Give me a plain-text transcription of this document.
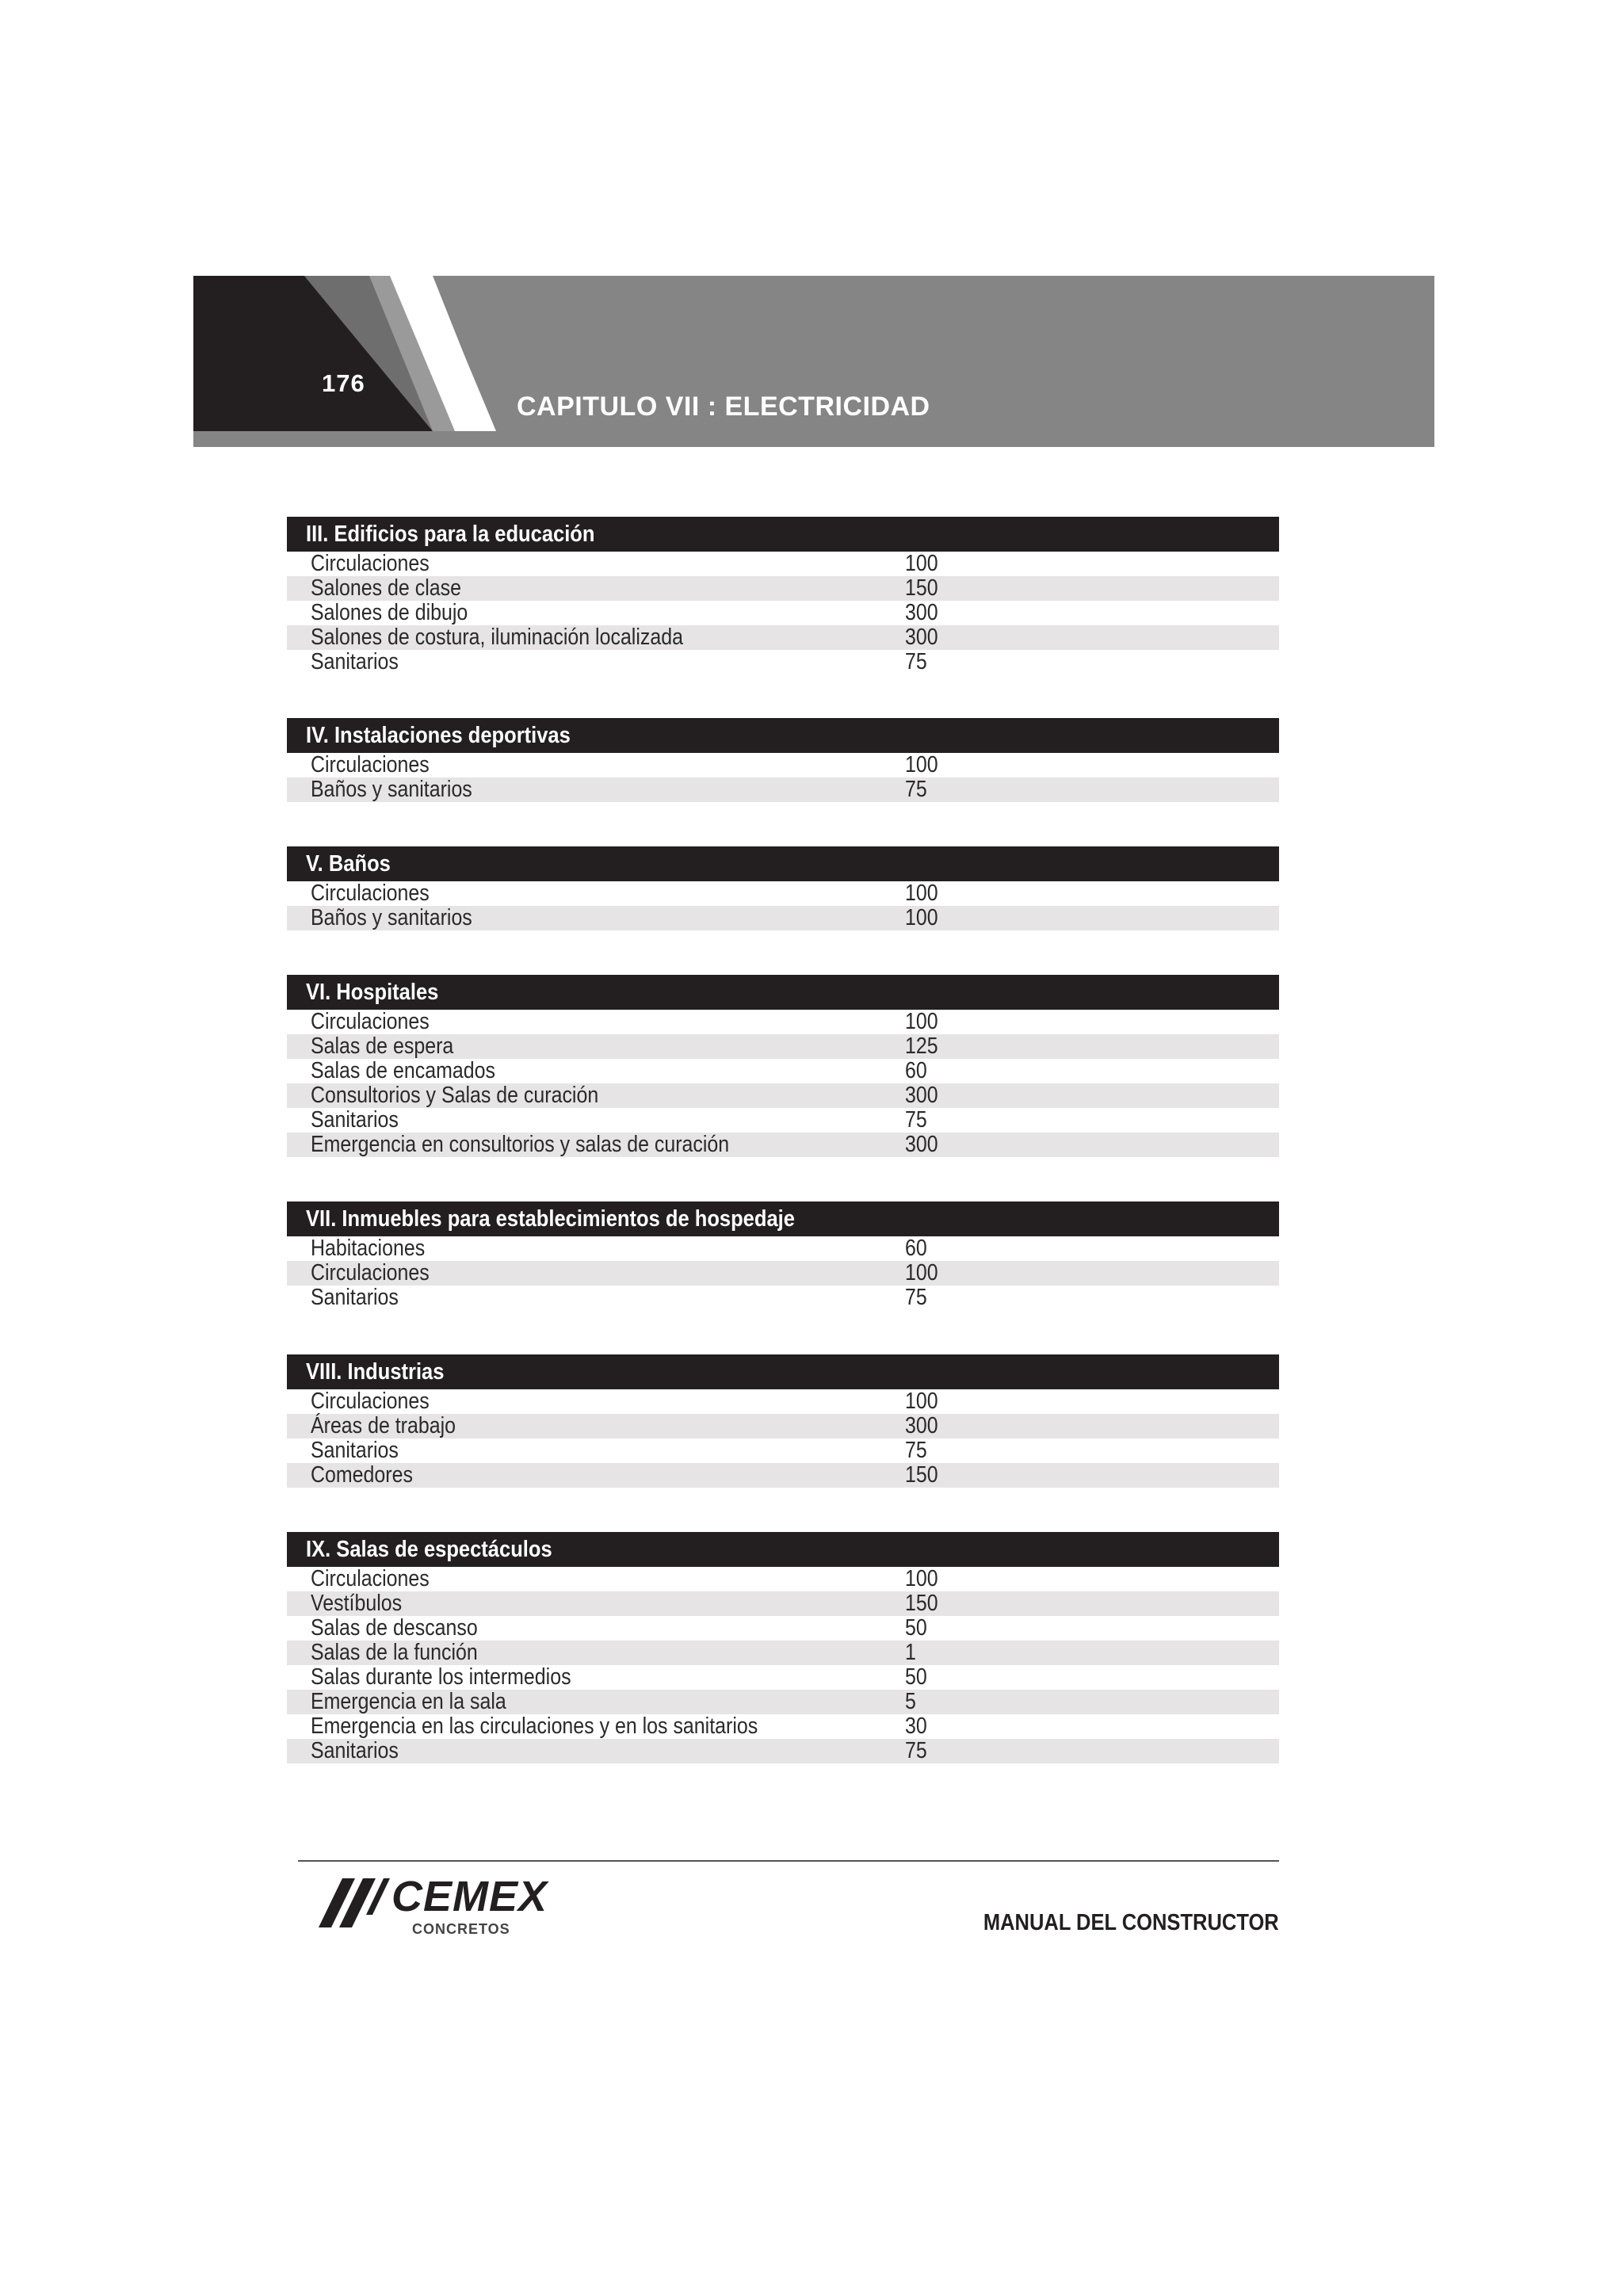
176
CAPITULO VII : ELECTRICIDAD
III. Edificios para la educación
Circulaciones	100
Salones de clase	150
Salones de dibujo	300
Salones de costura, iluminación localizada	300
Sanitarios	75
IV. Instalaciones deportivas
Circulaciones	100
Baños y sanitarios	75
V. Baños
Circulaciones	100
Baños y sanitarios	100
VI. Hospitales
Circulaciones	100
Salas de espera	125
Salas de encamados	60
Consultorios y Salas de curación	300
Sanitarios	75
Emergencia en consultorios y salas de curación	300
VII. Inmuebles para establecimientos de hospedaje
Habitaciones	60
Circulaciones	100
Sanitarios	75
VIII. Industrias
Circulaciones	100
Áreas de trabajo	300
Sanitarios	75
Comedores	150
IX. Salas de espectáculos
Circulaciones	100
Vestíbulos	150
Salas de descanso	50
Salas de la función	1
Salas durante los intermedios	50
Emergencia en la sala	5
Emergencia en las circulaciones y en los sanitarios	30
Sanitarios	75
CEMEX
CONCRETOS	MANUAL DEL CONSTRUCTOR
